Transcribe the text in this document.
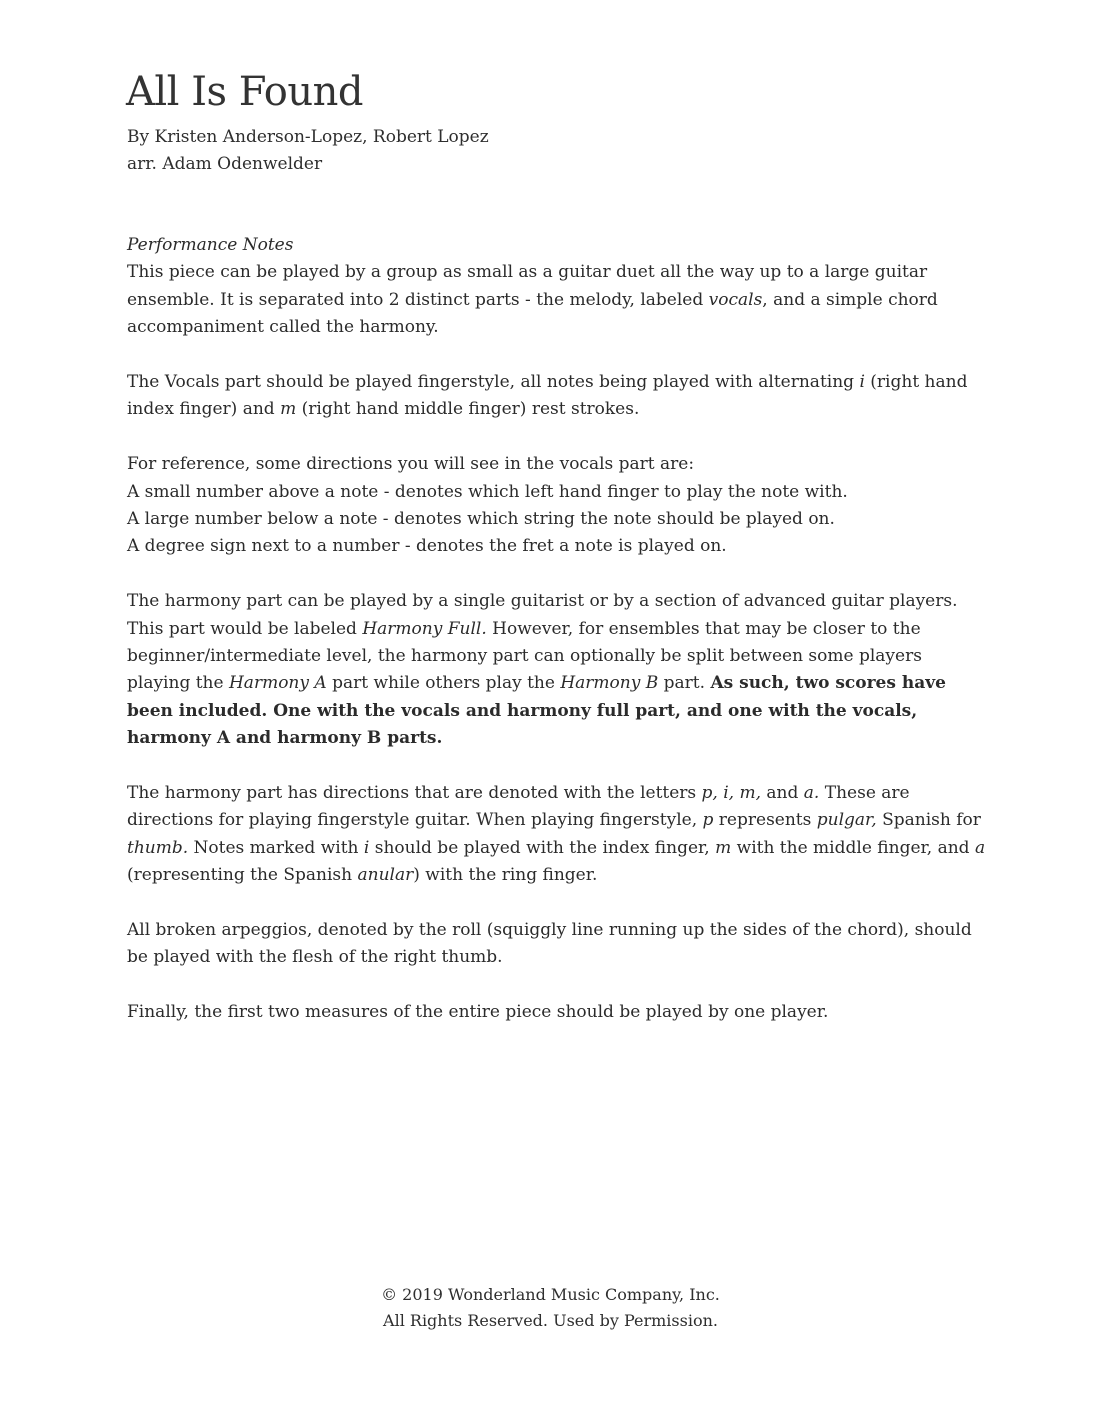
All Is Found
By Kristen Anderson-Lopez, Robert Lopez
arr. Adam Odenwelder

Performance Notes

This piece can be played by a group as small as a guitar duet all the way up to a large guitar ensemble. It is separated into 2 distinct parts - the melody, labeled vocals, and a simple chord accompaniment called the harmony.

The Vocals part should be played fingerstyle, all notes being played with alternating i (right hand index finger) and m (right hand middle finger) rest strokes.

For reference, some directions you will see in the vocals part are:
A small number above a note - denotes which left hand finger to play the note with.
A large number below a note - denotes which string the note should be played on.
A degree sign next to a number - denotes the fret a note is played on.

The harmony part can be played by a single guitarist or by a section of advanced guitar players. This part would be labeled Harmony Full. However, for ensembles that may be closer to the beginner/intermediate level, the harmony part can optionally be split between some players playing the Harmony A part while others play the Harmony B part. As such, two scores have been included. One with the vocals and harmony full part, and one with the vocals, harmony A and harmony B parts.

The harmony part has directions that are denoted with the letters p, i, m, and a. These are directions for playing fingerstyle guitar. When playing fingerstyle, p represents pulgar, Spanish for thumb. Notes marked with i should be played with the index finger, m with the middle finger, and a (representing the Spanish anular) with the ring finger.

All broken arpeggios, denoted by the roll (squiggly line running up the sides of the chord), should be played with the flesh of the right thumb.

Finally, the first two measures of the entire piece should be played by one player.

© 2019 Wonderland Music Company, Inc.
All Rights Reserved. Used by Permission.
